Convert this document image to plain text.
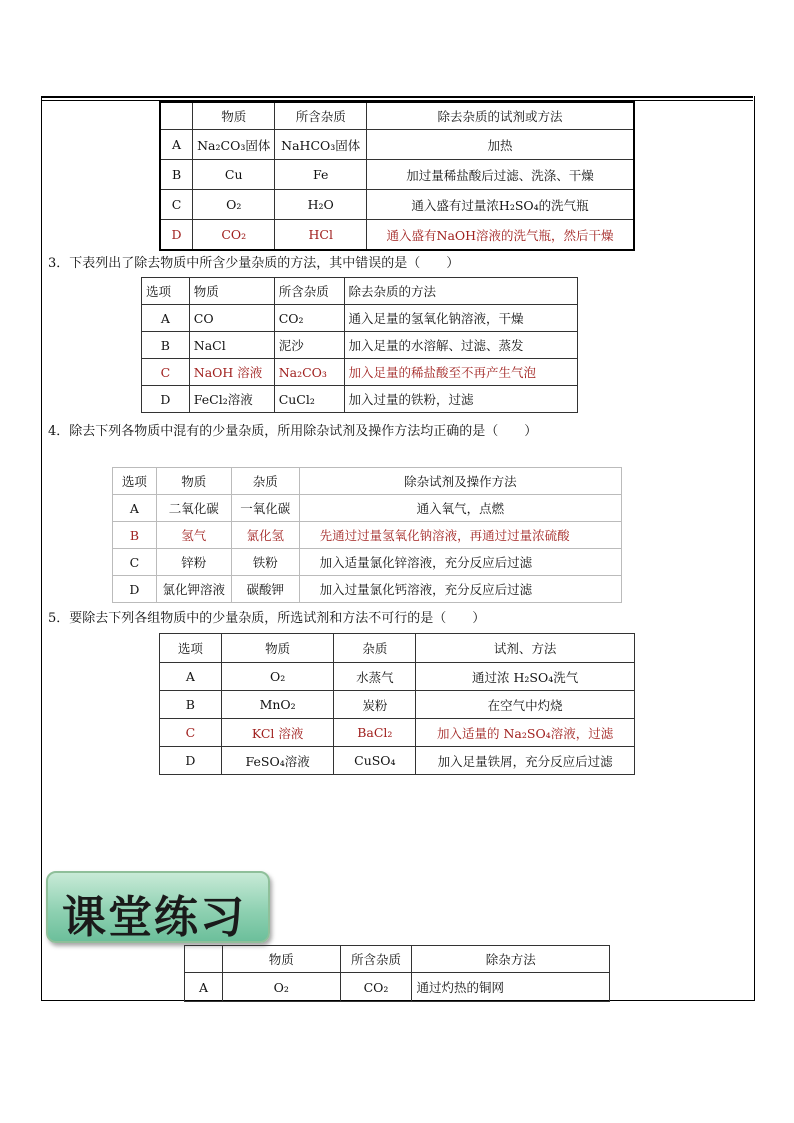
	物质	所含杂质	除去杂质的试剂或方法
A	Na₂CO₃固体	NaHCO₃固体	加热
B	Cu	Fe	加过量稀盐酸后过滤、洗涤、干燥
C	O₂	H₂O	通入盛有过量浓H₂SO₄的洗气瓶
D	CO₂	HCl	通入盛有NaOH溶液的洗气瓶，然后干燥
3．下表列出了除去物质中所含少量杂质的方法，其中错误的是（　　）
选项	物质	所含杂质	除去杂质的方法
A	CO	CO₂	通入足量的氢氧化钠溶液，干燥
B	NaCl	泥沙	加入足量的水溶解、过滤、蒸发
C	NaOH 溶液	Na₂CO₃	加入足量的稀盐酸至不再产生气泡
D	FeCl₂溶液	CuCl₂	加入过量的铁粉，过滤
4．除去下列各物质中混有的少量杂质，所用除杂试剂及操作方法均正确的是（　　）
选项	物质	杂质	除杂试剂及操作方法
A	二氧化碳	一氧化碳	通入氧气，点燃
B	氢气	氯化氢	先通过过量氢氧化钠溶液，再通过过量浓硫酸
C	锌粉	铁粉	加入适量氯化锌溶液，充分反应后过滤
D	氯化钾溶液	碳酸钾	加入过量氯化钙溶液，充分反应后过滤
5．要除去下列各组物质中的少量杂质，所选试剂和方法不可行的是（　　）
选项	物质	杂质	试剂、方法
A	O₂	水蒸气	通过浓 H₂SO₄洗气
B	MnO₂	炭粉	在空气中灼烧
C	KCl 溶液	BaCl₂	加入适量的 Na₂SO₄溶液，过滤
D	FeSO₄溶液	CuSO₄	加入足量铁屑，充分反应后过滤
课堂练习
	物质	所含杂质	除杂方法
A	O₂	CO₂	通过灼热的铜网
